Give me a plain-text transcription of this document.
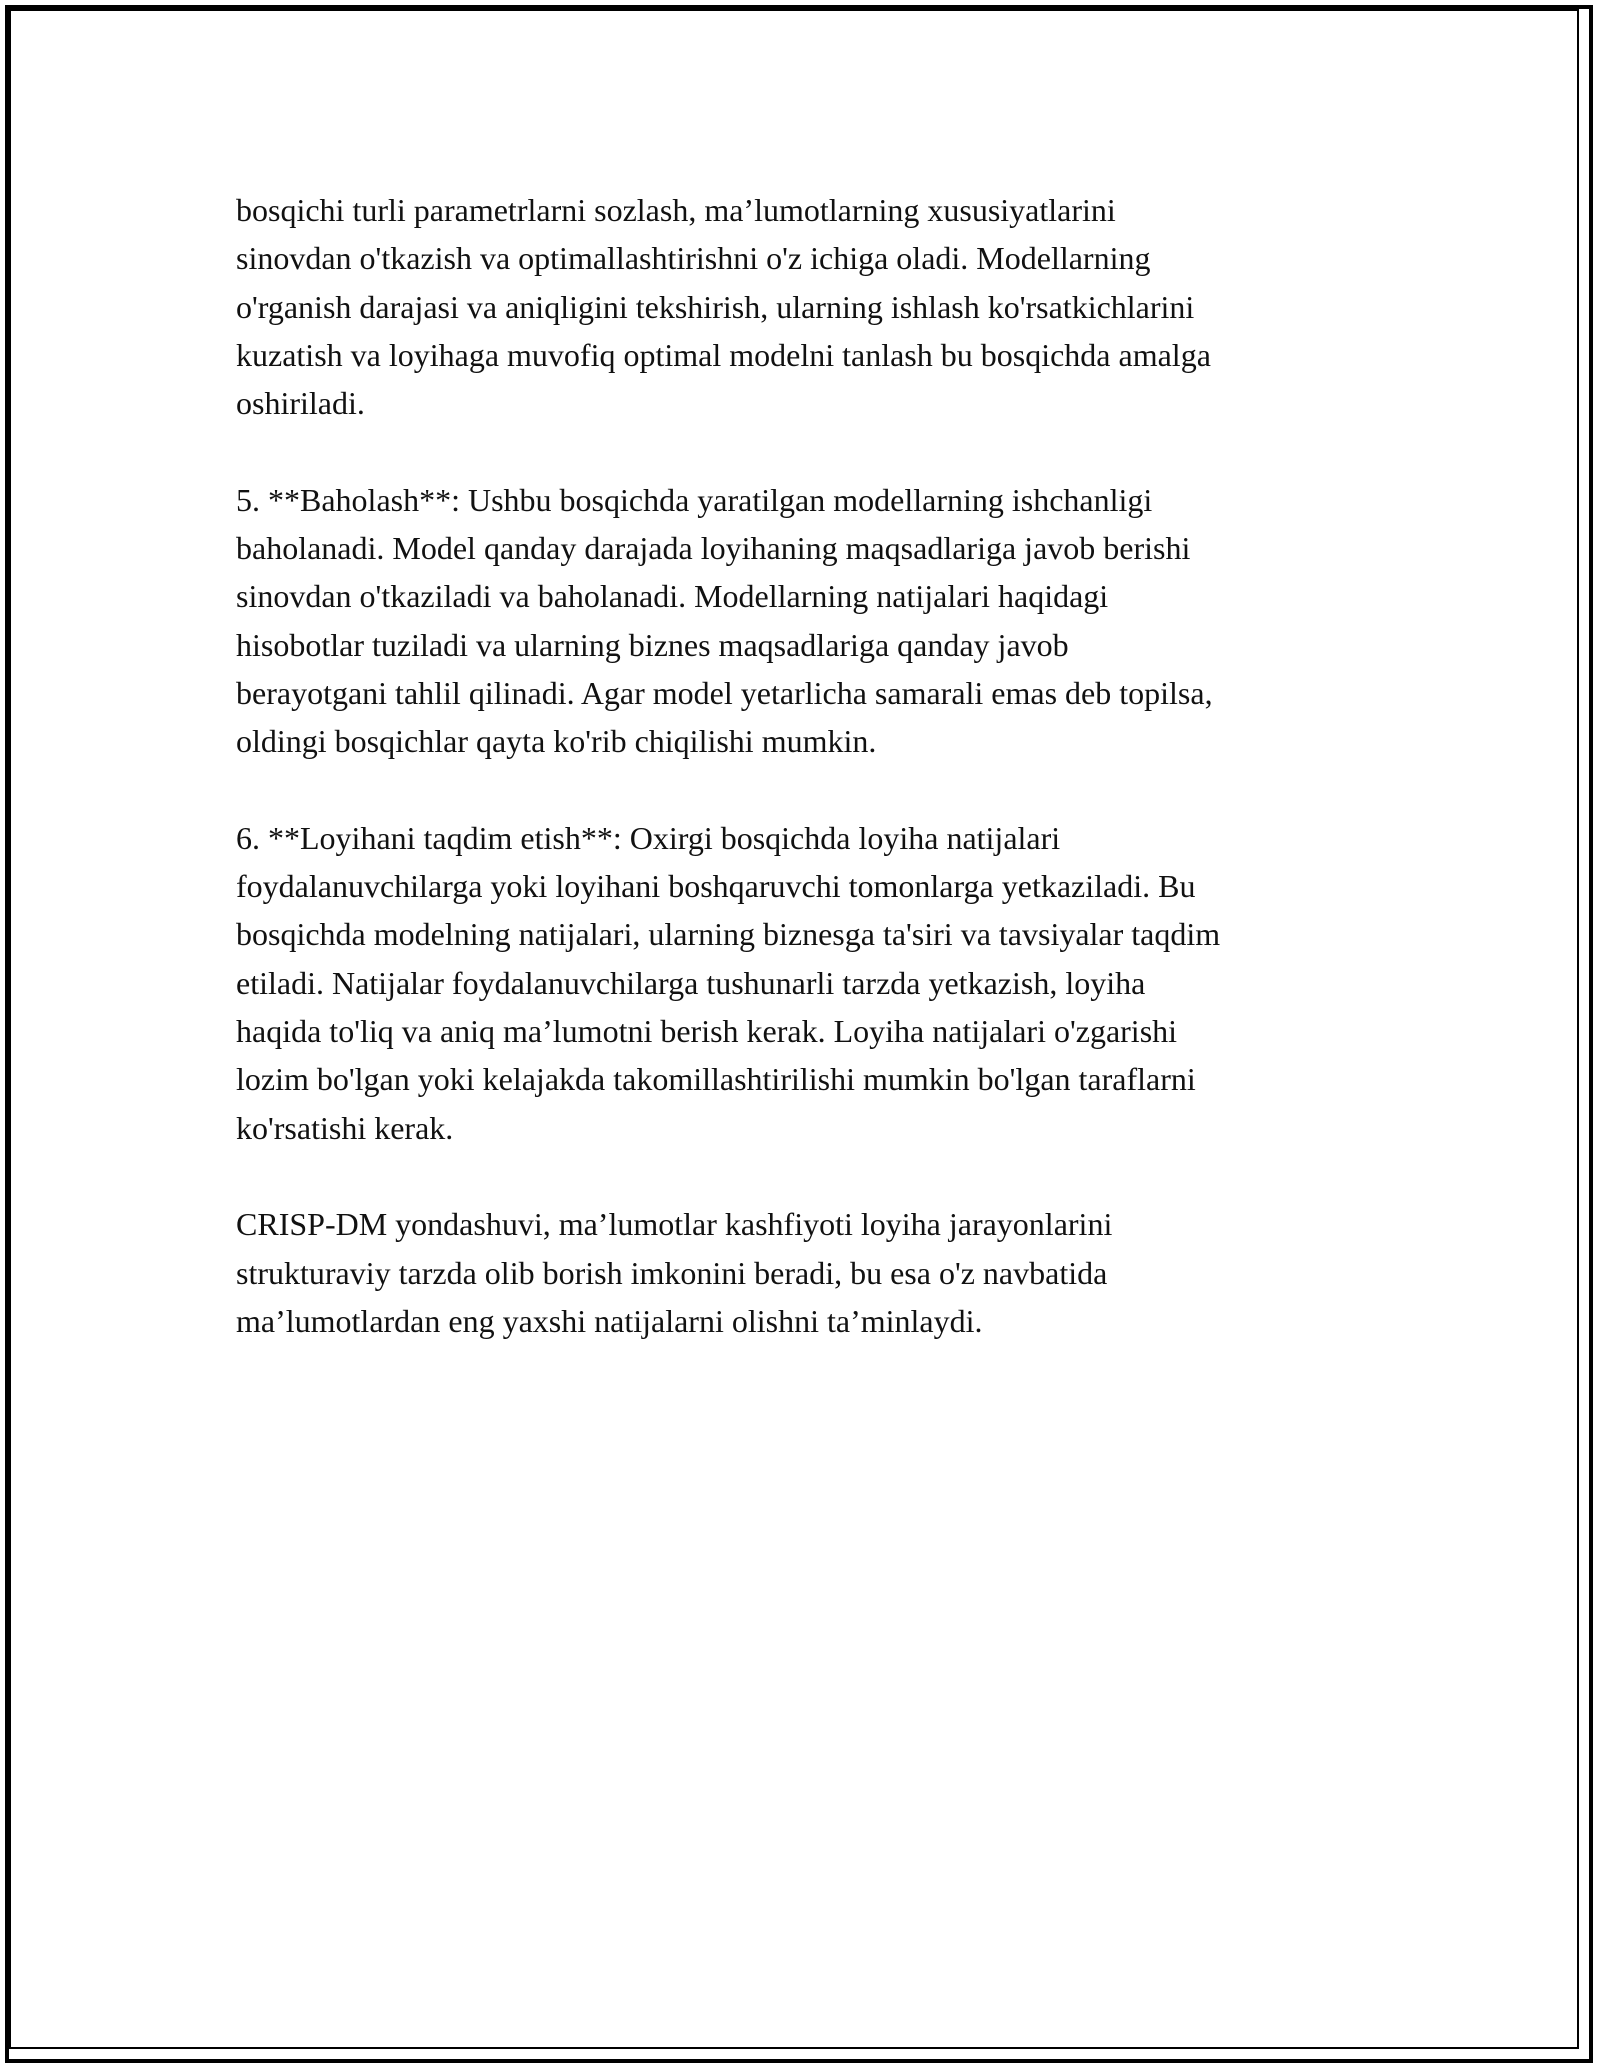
bosqichi turli parametrlarni sozlash, ma’lumotlarning xususiyatlarini
sinovdan o'tkazish va optimallashtirishni o'z ichiga oladi. Modellarning
o'rganish darajasi va aniqligini tekshirish, ularning ishlash ko'rsatkichlarini
kuzatish va loyihaga muvofiq optimal modelni tanlash bu bosqichda amalga
oshiriladi.

5. **Baholash**: Ushbu bosqichda yaratilgan modellarning ishchanligi
baholanadi. Model qanday darajada loyihaning maqsadlariga javob berishi
sinovdan o'tkaziladi va baholanadi. Modellarning natijalari haqidagi
hisobotlar tuziladi va ularning biznes maqsadlariga qanday javob
berayotgani tahlil qilinadi. Agar model yetarlicha samarali emas deb topilsa,
oldingi bosqichlar qayta ko'rib chiqilishi mumkin.

6. **Loyihani taqdim etish**: Oxirgi bosqichda loyiha natijalari
foydalanuvchilarga yoki loyihani boshqaruvchi tomonlarga yetkaziladi. Bu
bosqichda modelning natijalari, ularning biznesga ta'siri va tavsiyalar taqdim
etiladi. Natijalar foydalanuvchilarga tushunarli tarzda yetkazish, loyiha
haqida to'liq va aniq ma’lumotni berish kerak. Loyiha natijalari o'zgarishi
lozim bo'lgan yoki kelajakda takomillashtirilishi mumkin bo'lgan taraflarni
ko'rsatishi kerak.

CRISP-DM yondashuvi, ma’lumotlar kashfiyoti loyiha jarayonlarini
strukturaviy tarzda olib borish imkonini beradi, bu esa o'z navbatida
ma’lumotlardan eng yaxshi natijalarni olishni ta’minlaydi.
